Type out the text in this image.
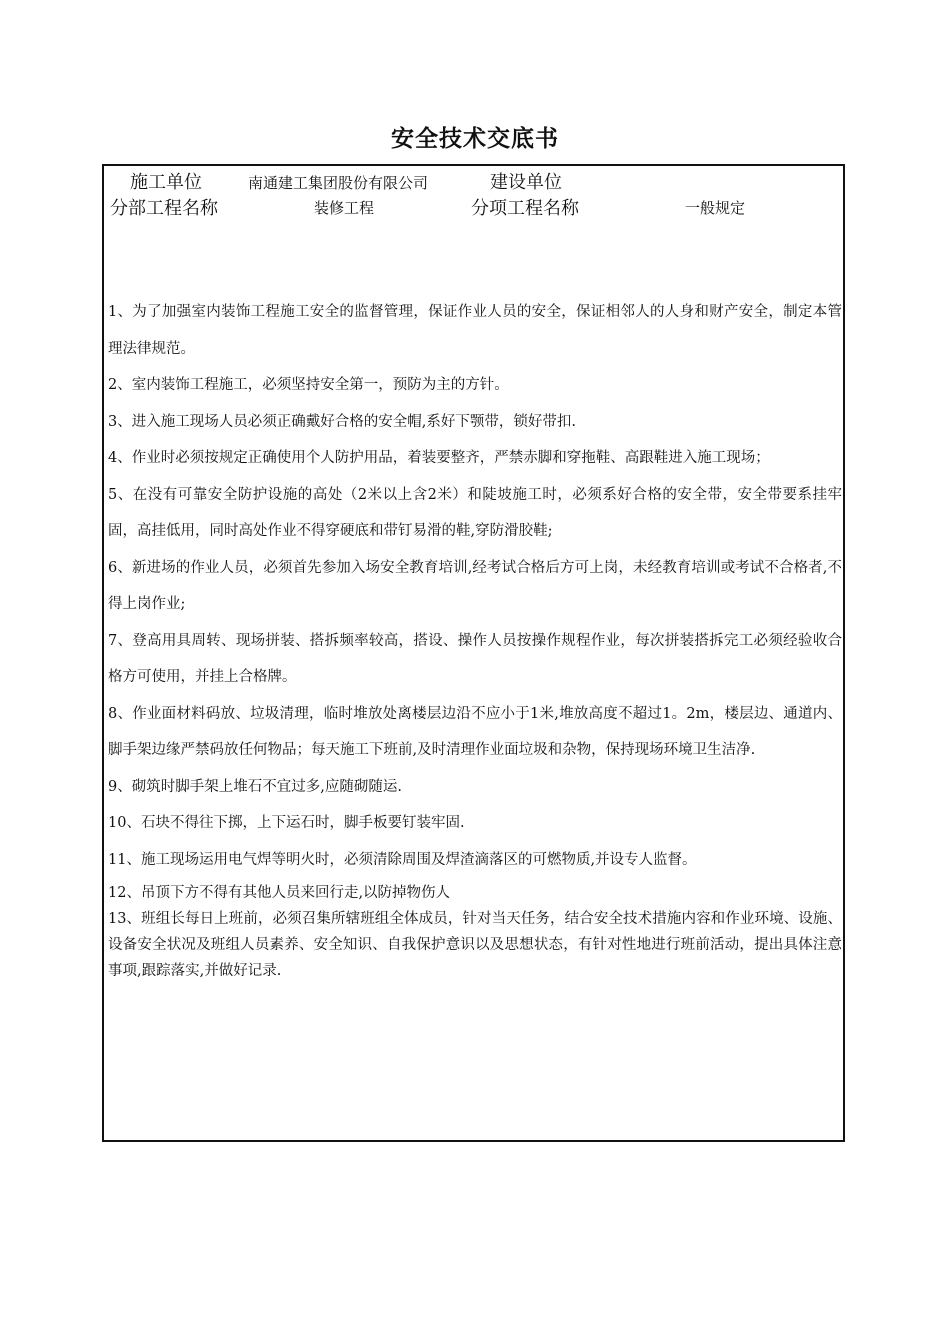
安全技术交底书
施工单位	南通建工集团股份有限公司	建设单位
分部工程名称	装修工程	分项工程名称	一般规定

1、为了加强室内装饰工程施工安全的监督管理，保证作业人员的安全，保证相邻人的人身和财产安全，制定本管理法律规范。

2、室内装饰工程施工，必须坚持安全第一，预防为主的方针。

3、进入施工现场人员必须正确戴好合格的安全帽,系好下颚带，锁好带扣.

4、作业时必须按规定正确使用个人防护用品，着装要整齐，严禁赤脚和穿拖鞋、高跟鞋进入施工现场；

5、在没有可靠安全防护设施的高处（2米以上含2米）和陡坡施工时，必须系好合格的安全带，安全带要系挂牢固，高挂低用，同时高处作业不得穿硬底和带钉易滑的鞋,穿防滑胶鞋;

6、新进场的作业人员，必须首先参加入场安全教育培训,经考试合格后方可上岗，未经教育培训或考试不合格者,不得上岗作业;

7、登高用具周转、现场拼装、搭拆频率较高，搭设、操作人员按操作规程作业，每次拼装搭拆完工必须经验收合格方可使用，并挂上合格牌。

8、作业面材料码放、垃圾清理，临时堆放处离楼层边沿不应小于1米,堆放高度不超过1。2m，楼层边、通道内、脚手架边缘严禁码放任何物品；每天施工下班前,及时清理作业面垃圾和杂物，保持现场环境卫生洁净.

9、砌筑时脚手架上堆石不宜过多,应随砌随运.

10、石块不得往下掷，上下运石时，脚手板要钉装牢固.

11、施工现场运用电气焊等明火时，必须清除周围及焊渣滴落区的可燃物质,并设专人监督。

12、吊顶下方不得有其他人员来回行走,以防掉物伤人

13、班组长每日上班前，必须召集所辖班组全体成员，针对当天任务，结合安全技术措施内容和作业环境、设施、设备安全状况及班组人员素养、安全知识、自我保护意识以及思想状态，有针对性地进行班前活动，提出具体注意事项,跟踪落实,并做好记录.
